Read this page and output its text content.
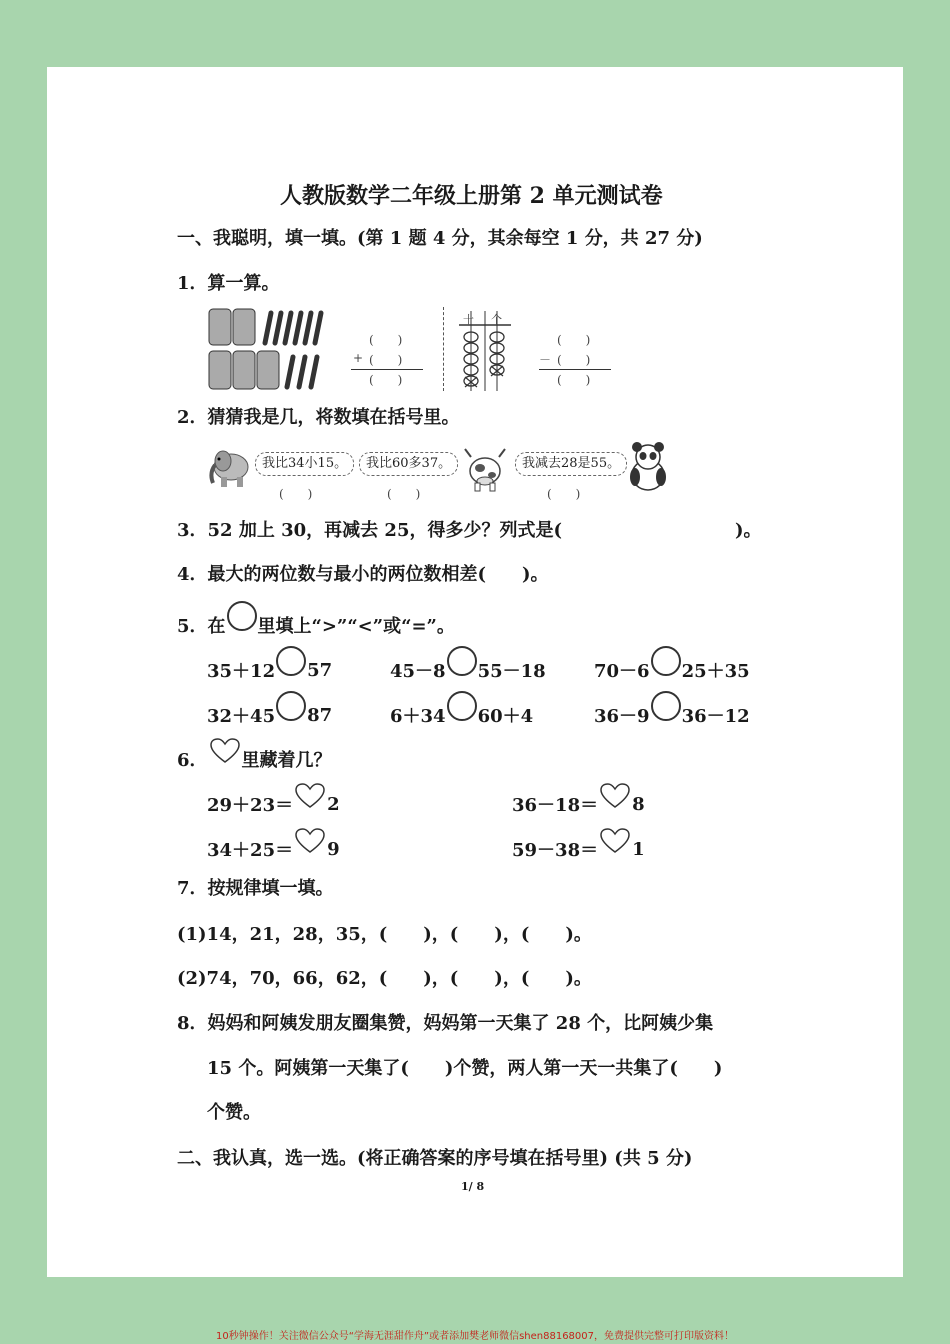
人教版数学二年级上册第 2 单元测试卷
一、我聪明，填一填。(第 1 题 4 分，其余每空 1 分，共 27 分)
1．算一算。
(　　)
+ (　　)
(　　)
十 个
(　　)
－ (　　)
(　　)
2．猜猜我是几，将数填在括号里。
我比34小15。	我比60多37。	我减去28是55。
(　　)	(　　)	(　　)
3．52 加上 30，再减去 25，得多少？列式是(	)。
4．最大的两位数与最小的两位数相差(　　)。
5．在 里填上“>”“<”或“=”。
35＋12 57	45－8 55－18	70－6 25＋35
32＋45 87	6＋34 60＋4	36－9 36－12
6． 里藏着几？
29＋23＝ 2	36－18＝ 8
34＋25＝ 9	59－38＝ 1
7．按规律填一填。
(1)14，21，28，35，(　　)，(　　)，(　　)。
(2)74，70，66，62，(　　)，(　　)，(　　)。
8．妈妈和阿姨发朋友圈集赞，妈妈第一天集了 28 个，比阿姨少集
15 个。阿姨第一天集了(　　)个赞，两人第一天一共集了(　　)
个赞。
二、我认真，选一选。(将正确答案的序号填在括号里) (共 5 分)
1/ 8
10秒钟操作！关注微信公众号“学海无涯甜作舟”或者添加樊老师微信shen88168007，免费提供完整可打印版资料！
